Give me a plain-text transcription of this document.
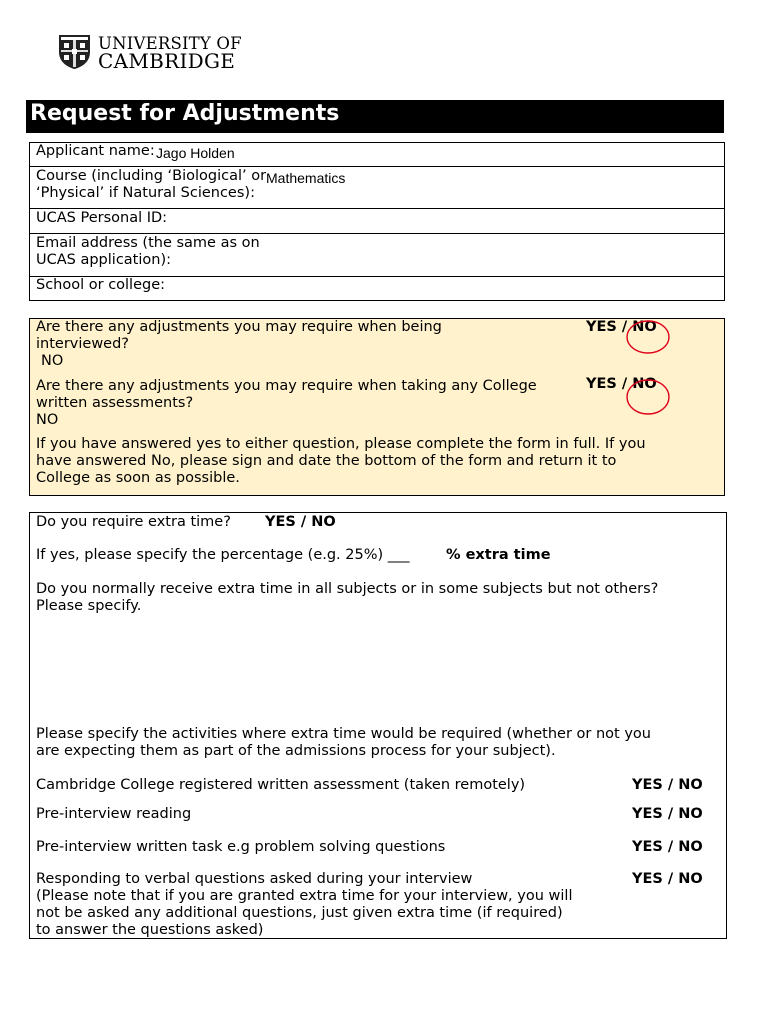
UNIVERSITY OF
CAMBRIDGE
Request for Adjustments
Applicant name: Jago Holden
Course (including ‘Biological’ or
‘Physical’ if Natural Sciences):
Mathematics
UCAS Personal ID:
Email address (the same as on
UCAS application):
School or college:
Are there any adjustments you may require when being
interviewed?
NO
YES / NO
Are there any adjustments you may require when taking any College
written assessments?
NO
YES / NO
If you have answered yes to either question, please complete the form in full. If you
have answered No, please sign and date the bottom of the form and return it to
College as soon as possible.
Do you require extra time? YES / NO
If yes, please specify the percentage (e.g. 25%) ___	% extra time
Do you normally receive extra time in all subjects or in some subjects but not others?
Please specify.
Please specify the activities where extra time would be required (whether or not you
are expecting them as part of the admissions process for your subject).
Cambridge College registered written assessment (taken remotely)	YES / NO
Pre-interview reading	YES / NO
Pre-interview written task e.g problem solving questions	YES / NO
Responding to verbal questions asked during your interview
(Please note that if you are granted extra time for your interview, you will
not be asked any additional questions, just given extra time (if required)
to answer the questions asked)
YES / NO
